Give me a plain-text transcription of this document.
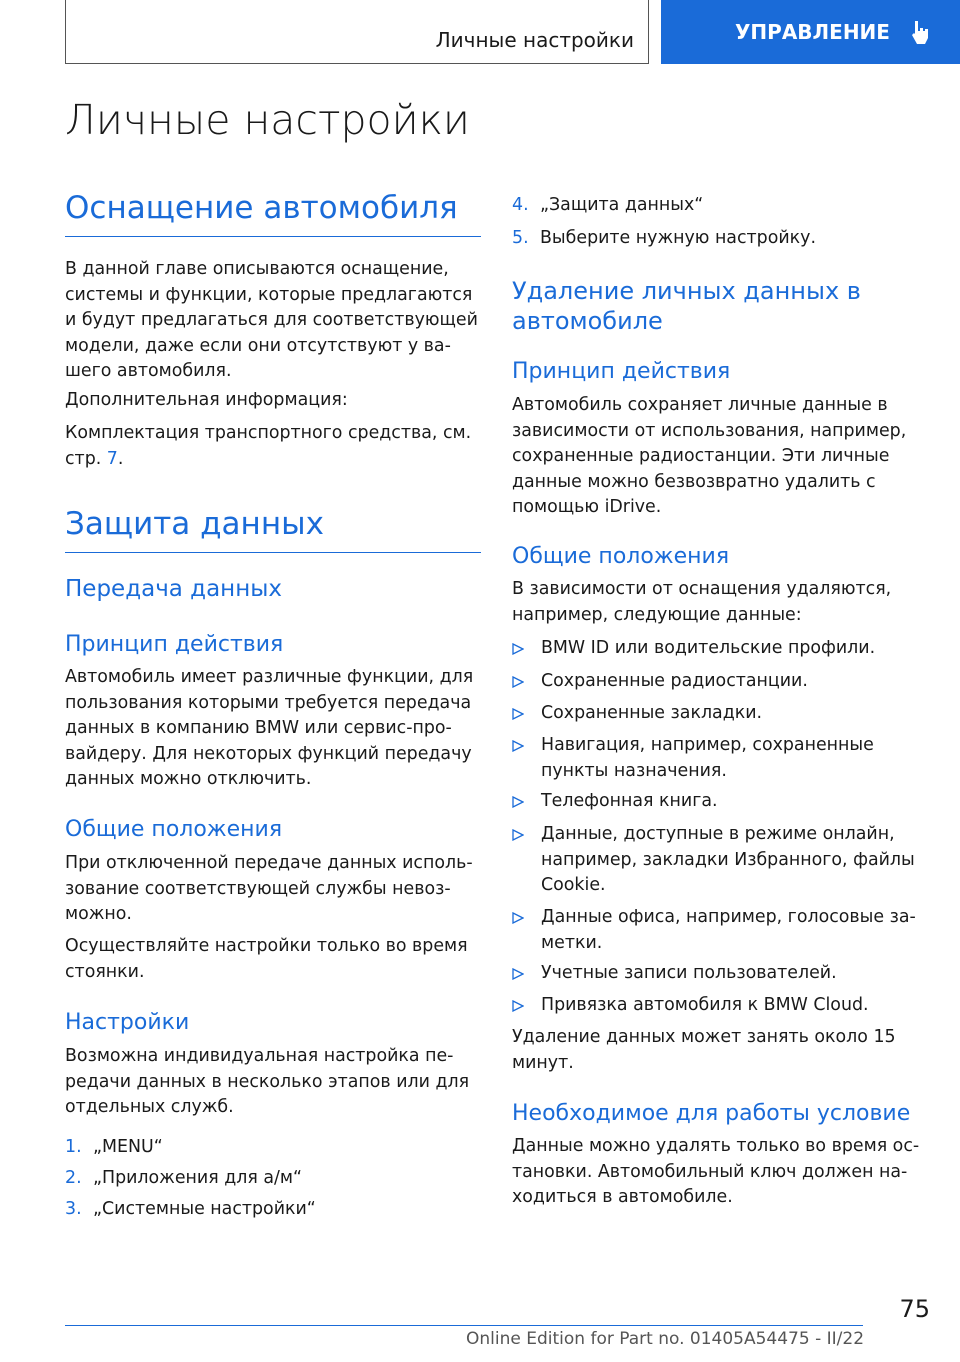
Личные настройки	УПРАВЛЕНИЕ
Личные настройки
Оснащение автомобиля

В данной главе описываются оснащение, системы и функции, которые предлагаются и будут предлагаться для соответствующей модели, даже если они отсутствуют у ва-шего автомобиля.

Дополнительная информация:

Комплектация транспортного средства, см. стр. 7.

Защита данных
Передача данных
Принцип действия

Автомобиль имеет различные функции, для пользования которыми требуется передача данных в компанию BMW или сервис-про-вайдеру. Для некоторых функций передачу данных можно отключить.

Общие положения

При отключенной передаче данных исполь-зование соответствующей службы невоз-можно.

Осуществляйте настройки только во время стоянки.

Настройки

Возможна индивидуальная настройка пе-редачи данных в несколько этапов или для отдельных служб.

1. „MENU“
2. „Приложения для а/м“
3. „Системные настройки“
4. „Защита данных“
5. Выберите нужную настройку.
Удаление личных данных в
автомобиле
Принцип действия

Автомобиль сохраняет личные данные в зависимости от использования, например, сохраненные радиостанции. Эти личные данные можно безвозвратно удалить с помощью iDrive.

Общие положения

В зависимости от оснащения удаляются, например, следующие данные:

BMW ID или водительские профили.
Сохраненные радиостанции.
Сохраненные закладки.
Навигация, например, сохраненные пункты назначения.
Телефонная книга.
Данные, доступные в режиме онлайн, например, закладки Избранного, файлы Cookie.
Данные офиса, например, голосовые за-метки.
Учетные записи пользователей.
Привязка автомобиля к BMW Cloud.

Удаление данных может занять около 15 минут.

Необходимое для работы условие

Данные можно удалять только во время ос-тановки. Автомобильный ключ должен на-ходиться в автомобиле.

75
Online Edition for Part no. 01405A54475 - II/22
